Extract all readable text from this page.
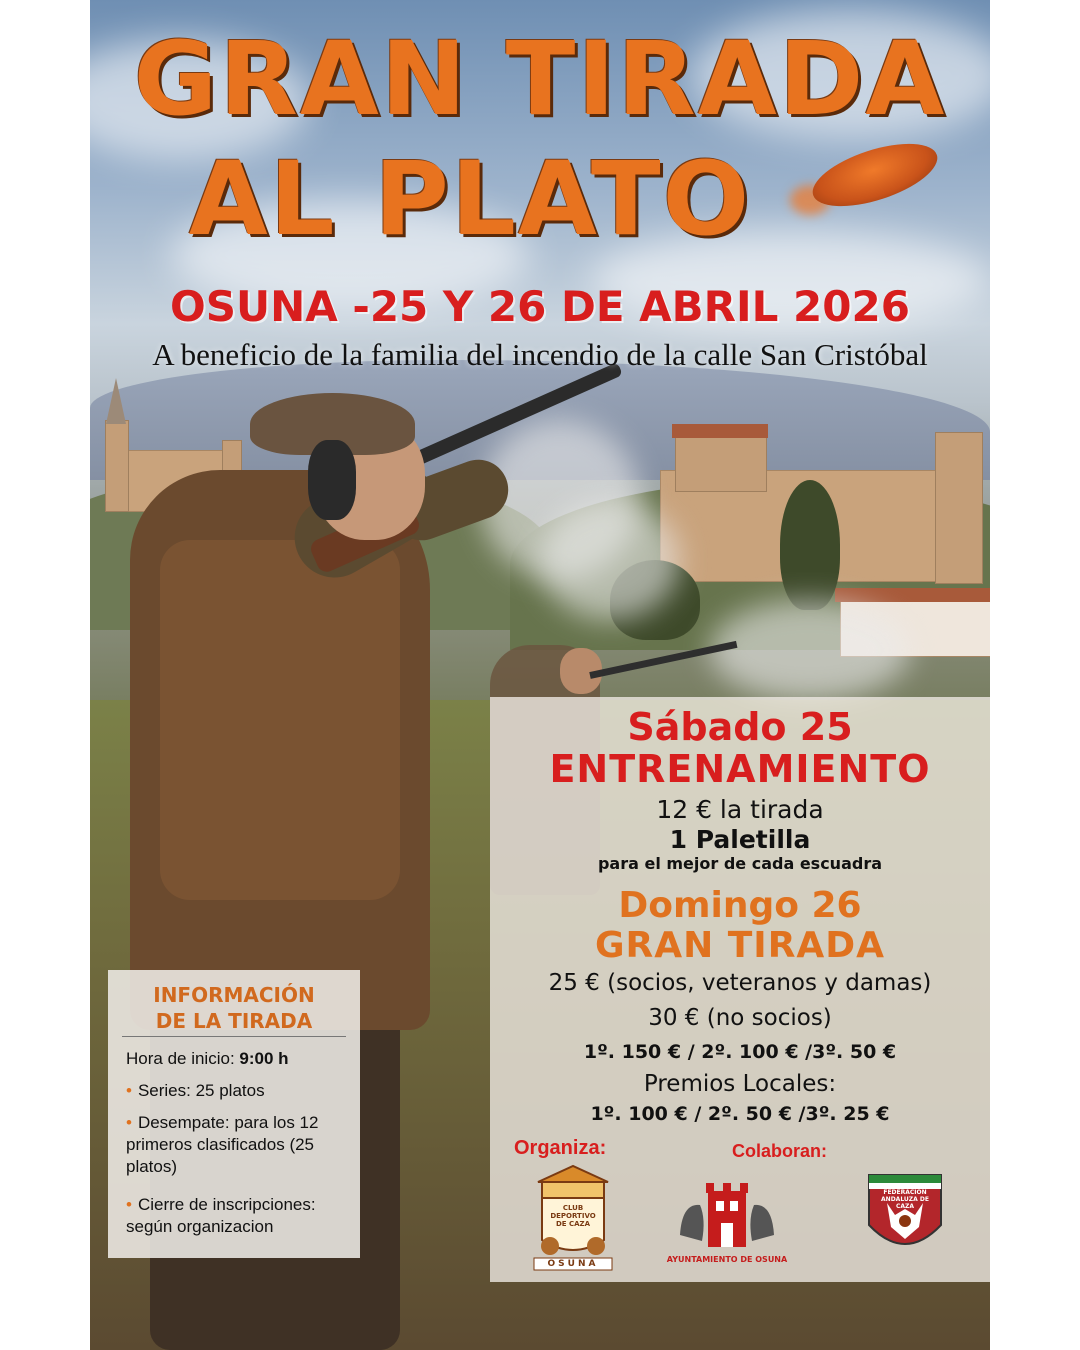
GRAN TIRADA
AL PLATO
OSUNA -25 Y 26 DE ABRIL 2026
A beneficio de la familia del incendio de la calle San Cristóbal
Sábado 25
ENTRENAMIENTO
12 € la tirada
1 Paletilla
para el mejor de cada escuadra
Domingo 26
GRAN TIRADA
25 € (socios, veteranos y damas)
30 € (no socios)
1º. 150 € / 2º. 100 € /3º. 50 €
Premios Locales:
1º. 100 € / 2º. 50 € /3º. 25 €
Organiza:	Colaboran:
CLUB DEPORTIVO DE CAZA
OSUNA	AYUNTAMIENTO DE OSUNA
FEDERACION ANDALUZA DE CAZA
INFORMACIÓN
DE LA TIRADA
Hora de inicio: 9:00 h
• Series: 25 platos
• Desempate: para los 12 primeros clasificados (25 platos)
• Cierre de inscripciones: según organizacion
